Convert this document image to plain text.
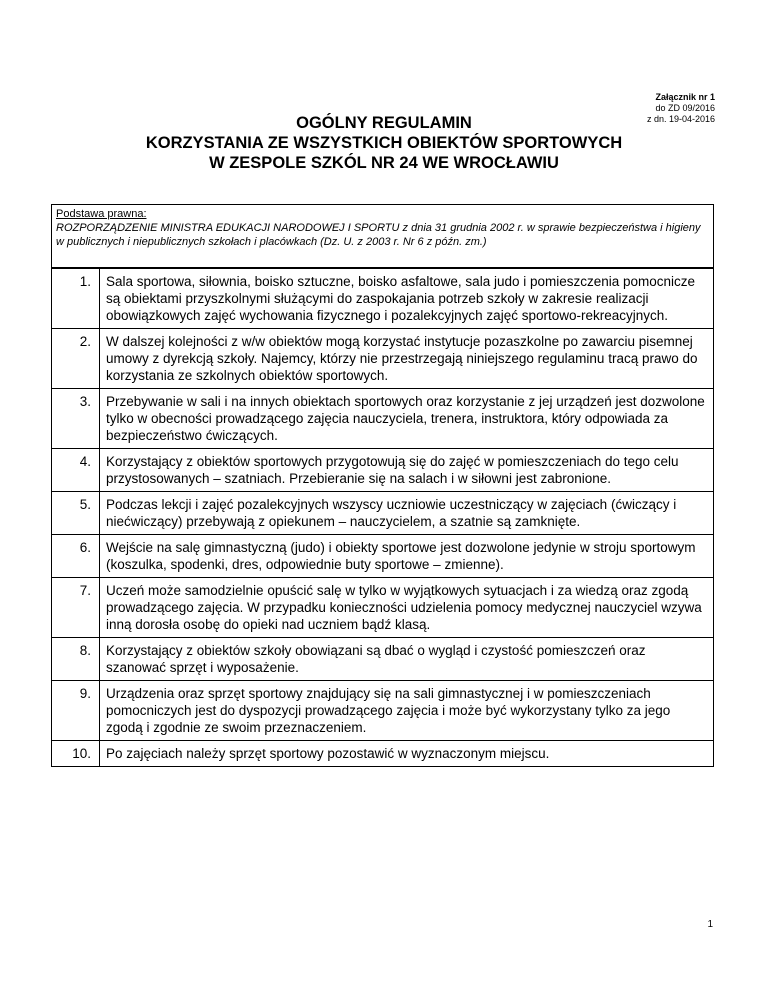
Załącznik nr 1
do ZD 09/2016
z dn. 19-04-2016
OGÓLNY REGULAMIN
KORZYSTANIA ZE WSZYSTKICH OBIEKTÓW SPORTOWYCH
W ZESPOLE SZKÓL NR 24 WE WROCŁAWIU
Podstawa prawna:
ROZPORZĄDZENIE MINISTRA EDUKACJI NARODOWEJ I SPORTU z dnia 31 grudnia 2002 r. w sprawie bezpieczeństwa i higieny w publicznych i niepublicznych szkołach i placówkach (Dz. U. z 2003 r. Nr 6 z późn. zm.)
1.	Sala sportowa, siłownia, boisko sztuczne, boisko asfaltowe, sala judo i pomieszczenia pomocnicze są obiektami przyszkolnymi służącymi do zaspokajania potrzeb szkoły w zakresie realizacji obowiązkowych zajęć wychowania fizycznego i pozalekcyjnych zajęć sportowo-rekreacyjnych.
2.	W dalszej kolejności z w/w obiektów mogą korzystać instytucje pozaszkolne po zawarciu pisemnej umowy z dyrekcją szkoły. Najemcy, którzy nie przestrzegają niniejszego regulaminu tracą prawo do korzystania ze szkolnych obiektów sportowych.
3.	Przebywanie w sali i na innych obiektach sportowych oraz korzystanie z jej urządzeń jest dozwolone tylko w obecności prowadzącego zajęcia nauczyciela, trenera, instruktora, który odpowiada za bezpieczeństwo ćwiczących.
4.	Korzystający z obiektów sportowych przygotowują się do zajęć w pomieszczeniach do tego celu przystosowanych – szatniach. Przebieranie się na salach i w siłowni jest zabronione.
5.	Podczas lekcji i zajęć pozalekcyjnych wszyscy uczniowie uczestniczący w zajęciach (ćwiczący i niećwiczący) przebywają z opiekunem – nauczycielem, a szatnie są zamknięte.
6.	Wejście na salę gimnastyczną (judo) i obiekty sportowe jest dozwolone jedynie w stroju sportowym (koszulka, spodenki, dres, odpowiednie buty sportowe – zmienne).
7.	Uczeń może samodzielnie opuścić salę w tylko w wyjątkowych sytuacjach i za wiedzą oraz zgodą prowadzącego zajęcia. W przypadku konieczności udzielenia pomocy medycznej nauczyciel wzywa inną dorosła osobę do opieki nad uczniem bądź klasą.
8.	Korzystający z obiektów szkoły obowiązani są dbać o wygląd i czystość pomieszczeń oraz szanować sprzęt i wyposażenie.
9.	Urządzenia oraz sprzęt sportowy znajdujący się na sali gimnastycznej i w pomieszczeniach pomocniczych jest do dyspozycji prowadzącego zajęcia i może być wykorzystany tylko za jego zgodą i zgodnie ze swoim przeznaczeniem.
10.	Po zajęciach należy sprzęt sportowy pozostawić w wyznaczonym miejscu.
1
